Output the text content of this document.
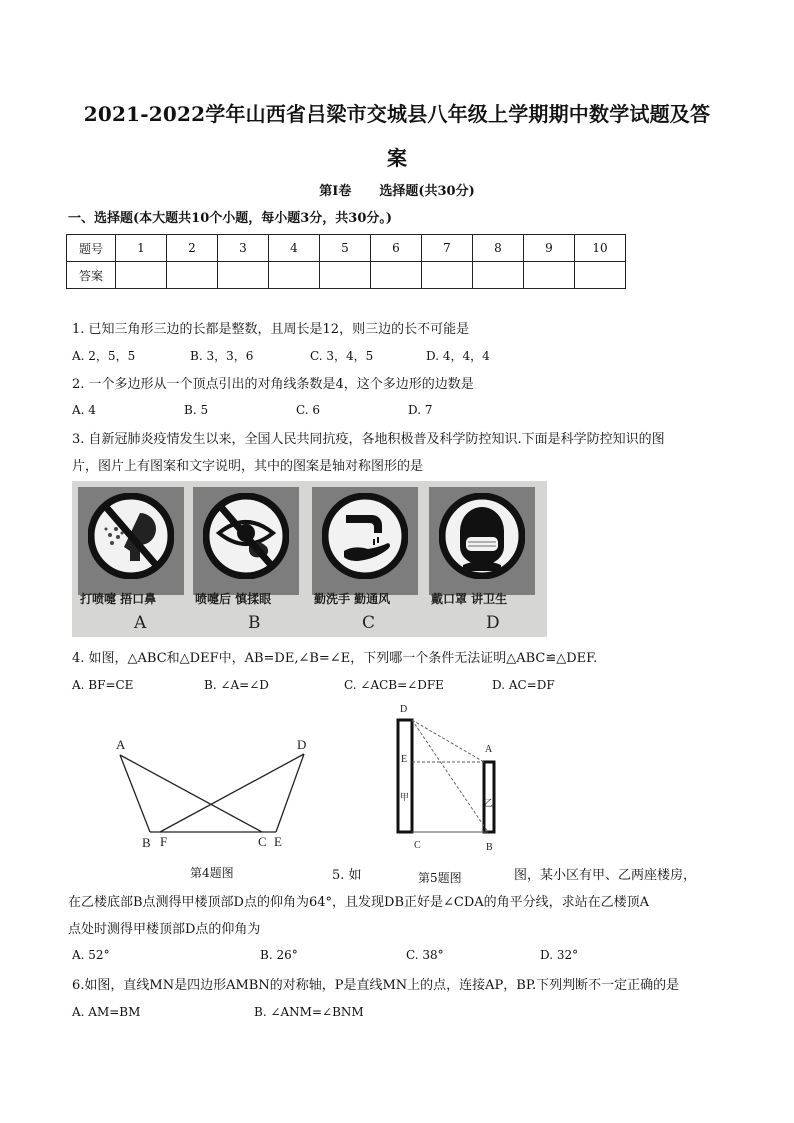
2021-2022学年山西省吕梁市交城县八年级上学期期中数学试题及答
案
第Ⅰ卷 选择题(共30分)
一、选择题(本大题共10个小题，每小题3分，共30分。)
题号	1	2	3	4	5	6	7	8	9	10
答案										
1. 已知三角形三边的长都是整数，且周长是12，则三边的长不可能是
A. 2，5，5	B. 3，3，6	C. 3，4，5	D. 4，4，4
2. 一个多边形从一个顶点引出的对角线条数是4，这个多边形的边数是
A. 4	B. 5	C. 6	D. 7
3. 自新冠肺炎疫情发生以来，全国人民共同抗疫，各地积极普及科学防控知识.下面是科学防控知识的图
片，图片上有图案和文字说明，其中的图案是轴对称图形的是
打喷嚏 捂口鼻	喷嚏后 慎揉眼	勤洗手 勤通风	戴口罩 讲卫生
A	B	C	D
4. 如图，△ABC和△DEF中，AB=DE,∠B=∠E，下列哪一个条件无法证明△ABC≌△DEF.
A. BF=CE	B. ∠A=∠D	C. ∠ACB=∠DFE	D. AC=DF
A	D
B F	C E
第4题图
D
E
A
C	B
甲
乙
5. 如	第5题图	图，某小区有甲、乙两座楼房，
在乙楼底部B点测得甲楼顶部D点的仰角为64°，且发现DB正好是∠CDA的角平分线，求站在乙楼顶A
点处时测得甲楼顶部D点的仰角为
A. 52°	B. 26°	C. 38°	D. 32°
6.如图，直线MN是四边形AMBN的对称轴，P是直线MN上的点，连接AP，BP.下列判断不一定正确的是
A. AM=BM	B. ∠ANM=∠BNM
